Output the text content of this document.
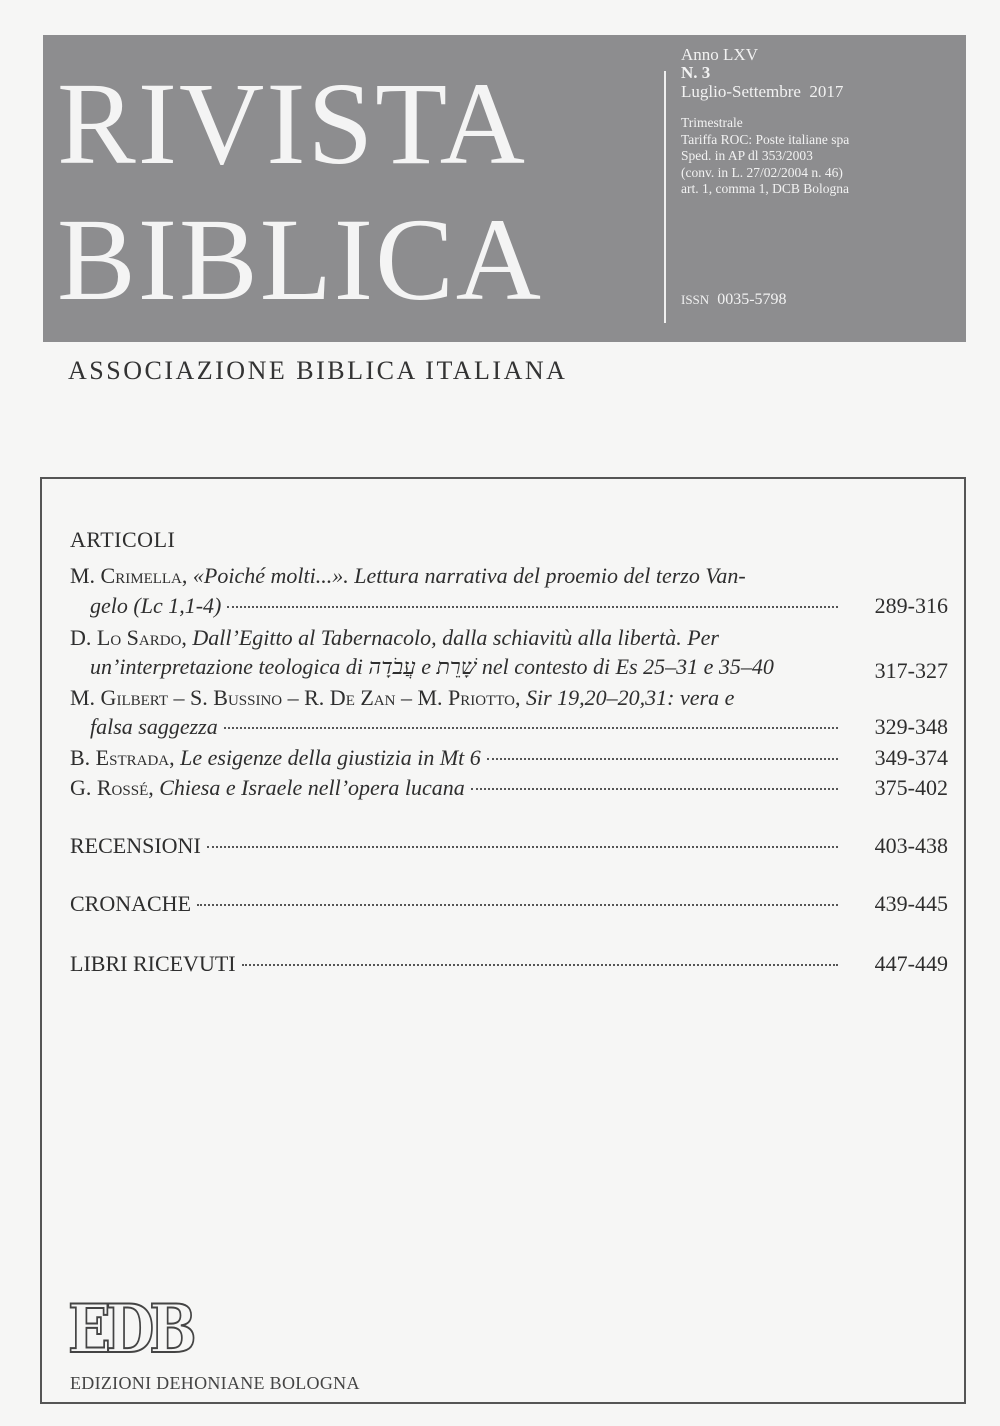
RIVISTA
BIBLICA
Anno LXV
N. 3
Luglio-Settembre  2017
Trimestrale
Tariffa ROC: Poste italiane spa
Sped. in AP dl 353/2003
(conv. in L. 27/02/2004 n. 46)
art. 1, comma 1, DCB Bologna
ISSN 0035-5798
ASSOCIAZIONE BIBLICA ITALIANA
ARTICOLI
M. Crimella, «Poiché molti...». Lettura narrativa del proemio del terzo Van-
gelo (Lc 1,1-4)	289-316
D. Lo Sardo, Dall’Egitto al Tabernacolo, dalla schiavitù alla libertà. Per
un’interpretazione teologica di עֲבֹדָה e שָׁרֵת nel contesto di Es 25–31 e 35–40	317-327
M. Gilbert – S. Bussino – R. De Zan – M. Priotto, Sir 19,20–20,31: vera e
falsa saggezza	329-348
B. Estrada, Le esigenze della giustizia in Mt 6	349-374
G. Rossé, Chiesa e Israele nell’opera lucana	375-402
RECENSIONI	403-438
CRONACHE	439-445
LIBRI RICEVUTI	447-449
EDB
EDIZIONI DEHONIANE BOLOGNA
